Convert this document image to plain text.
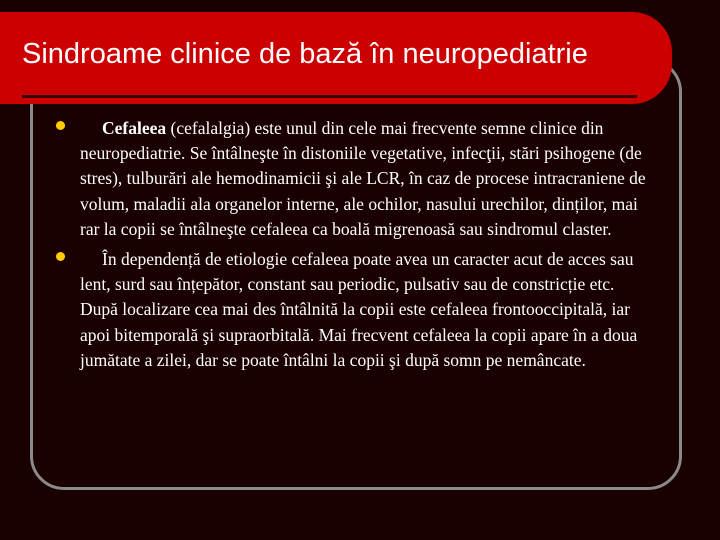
Sindroame clinice de bază în neuropediatrie
Cefaleea (cefalalgia) este unul din cele mai frecvente semne clinice din neuropediatrie. Se întâlneşte în distoniile vegetative, infecţii, stări psihogene (de stres), tulburări ale hemodinamicii şi ale LCR, în caz de procese intracraniene de volum, maladii ala organelor interne, ale ochilor, nasului urechilor, dinților, mai rar la copii se întâlneşte cefaleea ca boală migrenoasă sau sindromul claster.
În dependență de etiologie cefaleea poate avea un caracter acut de acces sau lent, surd sau înțepător, constant sau periodic, pulsativ sau de constricție etc. După localizare cea mai des întâlnită la copii este cefaleea frontooccipitală, iar apoi bitemporală şi supraorbitală. Mai frecvent cefaleea la copii apare în a doua jumătate a zilei, dar se poate întâlni la copii şi după somn pe nemâncate.
